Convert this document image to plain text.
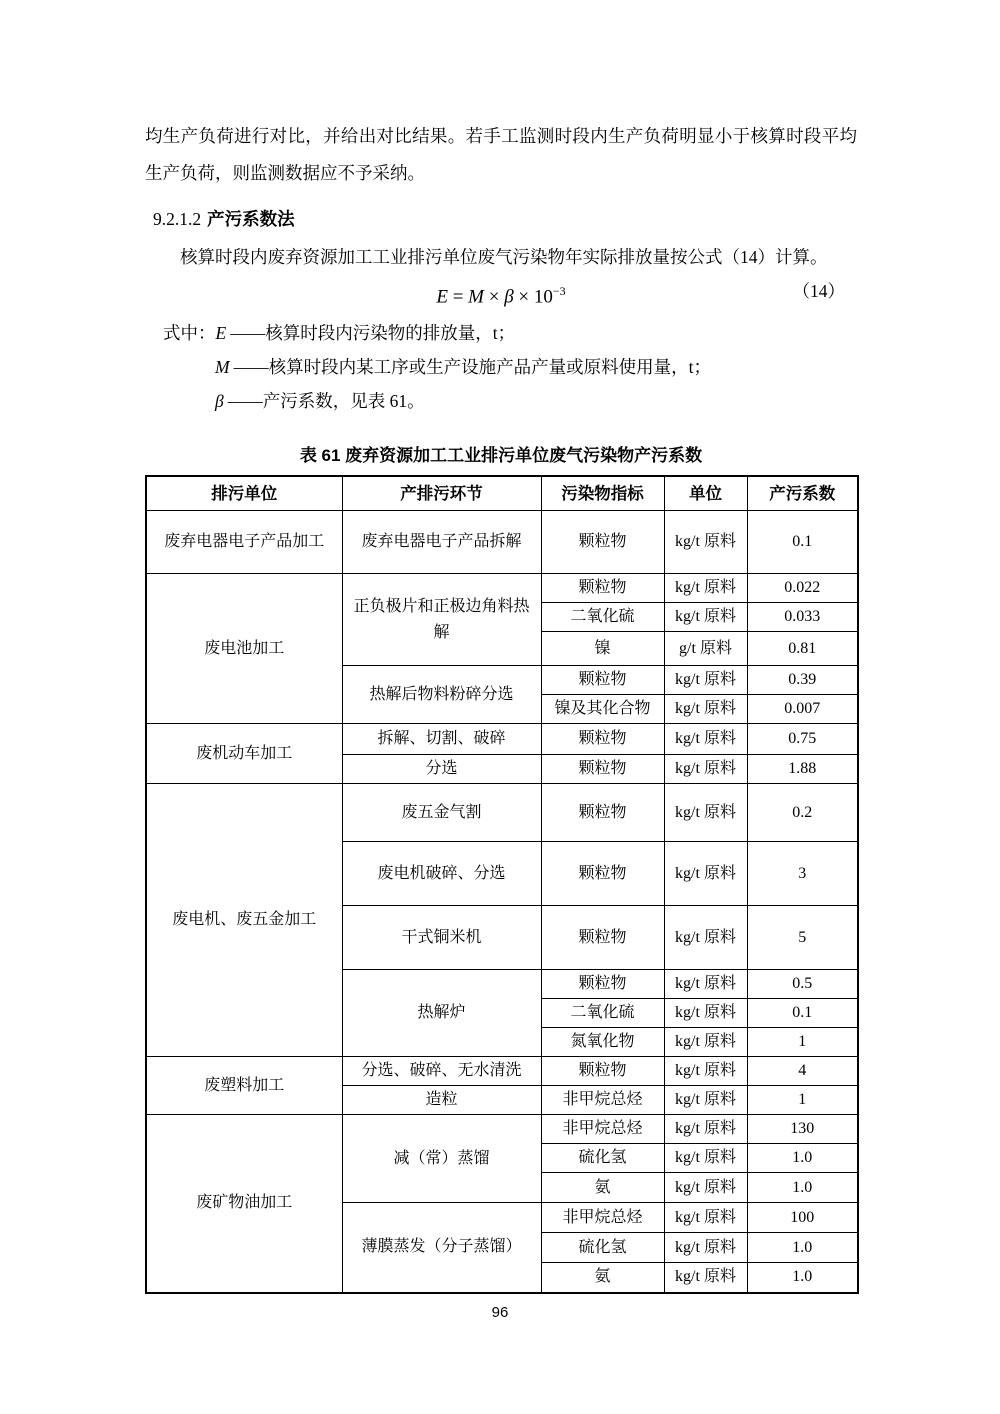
均生产负荷进行对比，并给出对比结果。若手工监测时段内生产负荷明显小于核算时段平均生产负荷，则监测数据应不予采纳。

9.2.1.2 产污系数法

核算时段内废弃资源加工工业排污单位废气污染物年实际排放量按公式（14）计算。

$E = M \times \beta \times 10^{-3}$	（14）

式中：E ——核算时段内污染物的排放量，t；

M ——核算时段内某工序或生产设施产品产量或原料使用量，t；

β ——产污系数，见表 61。

表 61 废弃资源加工工业排污单位废气污染物产污系数
排污单位	产排污环节	污染物指标	单位	产污系数
废弃电器电子产品加工	废弃电器电子产品拆解	颗粒物	kg/t 原料	0.1
废电池加工	正负极片和正极边角料热解	颗粒物	kg/t 原料	0.022
		二氧化硫	kg/t 原料	0.033
		镍	g/t 原料	0.81
	热解后物料粉碎分选	颗粒物	kg/t 原料	0.39
		镍及其化合物	kg/t 原料	0.007
废机动车加工	拆解、切割、破碎	颗粒物	kg/t 原料	0.75
	分选	颗粒物	kg/t 原料	1.88
废电机、废五金加工	废五金气割	颗粒物	kg/t 原料	0.2
	废电机破碎、分选	颗粒物	kg/t 原料	3
	干式铜米机	颗粒物	kg/t 原料	5
	热解炉	颗粒物	kg/t 原料	0.5
		二氧化硫	kg/t 原料	0.1
		氮氧化物	kg/t 原料	1
废塑料加工	分选、破碎、无水清洗	颗粒物	kg/t 原料	4
	造粒	非甲烷总烃	kg/t 原料	1
废矿物油加工	减（常）蒸馏	非甲烷总烃	kg/t 原料	130
		硫化氢	kg/t 原料	1.0
		氨	kg/t 原料	1.0
	薄膜蒸发（分子蒸馏）	非甲烷总烃	kg/t 原料	100
		硫化氢	kg/t 原料	1.0
		氨	kg/t 原料	1.0
96
